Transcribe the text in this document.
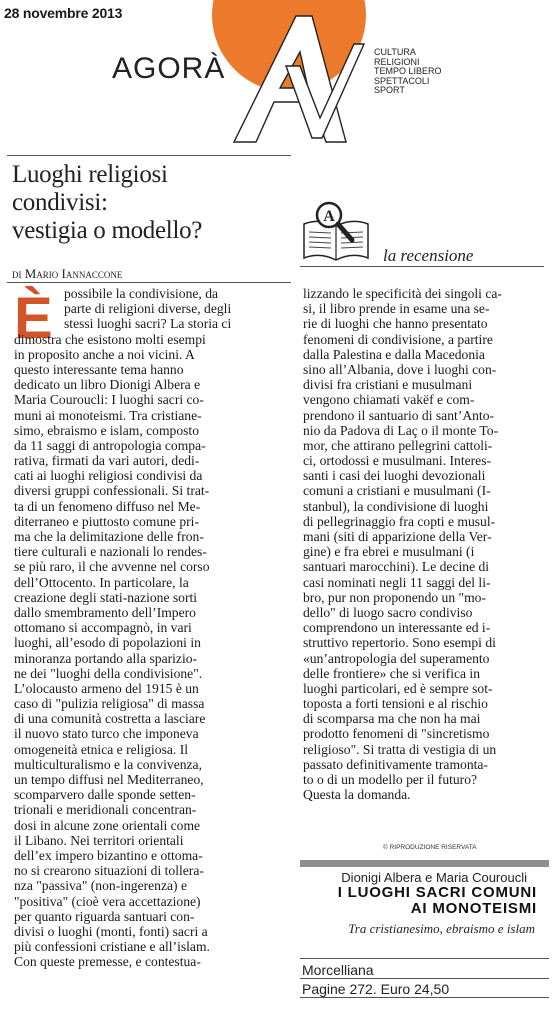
28 novembre 2013
AGORÀ	CULTURA
RELIGIONI
TEMPO LIBERO
SPETTACOLI
SPORT
Luoghi religiosi
condivisi:
vestigia o modello?
di Mario Iannaccone
È possibile la condivisione, da
parte di religioni diverse, degli
stessi luoghi sacri? La storia ci
dimostra che esistono molti esempi
in proposito anche a noi vicini. A
questo interessante tema hanno
dedicato un libro Dionigi Albera e
Maria Couroucli: I luoghi sacri co-
muni ai monoteismi. Tra cristiane-
simo, ebraismo e islam, composto
da 11 saggi di antropologia compa-
rativa, firmati da vari autori, dedi-
cati ai luoghi religiosi condivisi da
diversi gruppi confessionali. Si trat-
ta di un fenomeno diffuso nel Me-
diterraneo e piuttosto comune pri-
ma che la delimitazione delle fron-
tiere culturali e nazionali lo rendes-
se più raro, il che avvenne nel corso
dell’Ottocento. In particolare, la
creazione degli stati-nazione sorti
dallo smembramento dell’Impero
ottomano si accompagnò, in vari
luoghi, all’esodo di popolazioni in
minoranza portando alla sparizio-
ne dei "luoghi della condivisione".
L’olocausto armeno del 1915 è un
caso di "pulizia religiosa" di massa
di una comunità costretta a lasciare
il nuovo stato turco che imponeva
omogeneità etnica e religiosa. Il
multiculturalismo e la convivenza,
un tempo diffusi nel Mediterraneo,
scomparvero dalle sponde setten-
trionali e meridionali concentran-
dosi in alcune zone orientali come
il Libano. Nei territori orientali
dell’ex impero bizantino e ottoma-
no si crearono situazioni di tollera-
nza "passiva" (non-ingerenza) e
"positiva" (cioè vera accettazione)
per quanto riguarda santuari con-
divisi o luoghi (monti, fonti) sacri a
più confessioni cristiane e all’islam.
Con queste premesse, e contestua-
lizzando le specificità dei singoli ca-
si, il libro prende in esame una se-
rie di luoghi che hanno presentato
fenomeni di condivisione, a partire
dalla Palestina e dalla Macedonia
sino all’Albania, dove i luoghi con-
divisi fra cristiani e musulmani
vengono chiamati vakëf e com-
prendono il santuario di sant’Anto-
nio da Padova di Laç o il monte To-
mor, che attirano pellegrini cattoli-
ci, ortodossi e musulmani. Interes-
santi i casi dei luoghi devozionali
comuni a cristiani e musulmani (I-
stanbul), la condivisione di luoghi
di pellegrinaggio fra copti e musul-
mani (siti di apparizione della Ver-
gine) e fra ebrei e musulmani (i
santuari marocchini). Le decine di
casi nominati negli 11 saggi del li-
bro, pur non proponendo un "mo-
dello" di luogo sacro condiviso
comprendono un interessante ed i-
struttivo repertorio. Sono esempi di
«un’antropologia del superamento
delle frontiere» che si verifica in
luoghi particolari, ed è sempre sot-
toposta a forti tensioni e al rischio
di scomparsa ma che non ha mai
prodotto fenomeni di "sincretismo
religioso". Si tratta di vestigia di un
passato definitivamente tramonta-
to o di un modello per il futuro?
Questa la domanda.
A
la recensione
© RIPRODUZIONE RISERVATA
Dionigi Albera e Maria Couroucli
I LUOGHI SACRI COMUNI
AI MONOTEISMI
Tra cristianesimo, ebraismo e islam
Morcelliana
Pagine 272. Euro 24,50
